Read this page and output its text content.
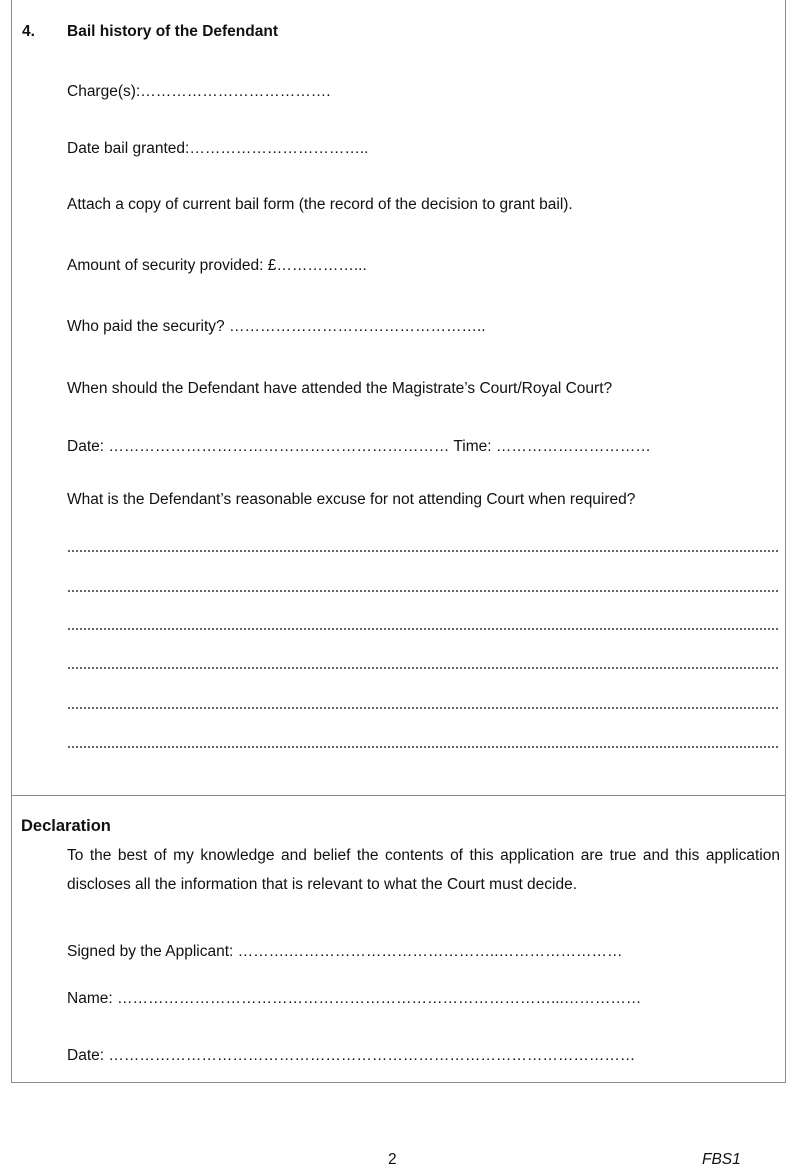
4. Bail history of the Defendant
Charge(s):……………………………….
Date bail granted:……………………………..
Attach a copy of current bail form (the record of the decision to grant bail).
Amount of security provided: £……………...
Who paid the security? …………………………………………..
When should the Defendant have attended the Magistrate’s Court/Royal Court?
Date: ………………………………………………………… Time: …………………………
What is the Defendant’s reasonable excuse for not attending Court when required?
Declaration
To the best of my knowledge and belief the contents of this application are true and this application discloses all the information that is relevant to what the Court must decide.
Signed by the Applicant: ……….…………………………………..……………………
Name: …………………………………………………………………………...……………
Date: …………………………………………………………………………………………
2	FBS1
